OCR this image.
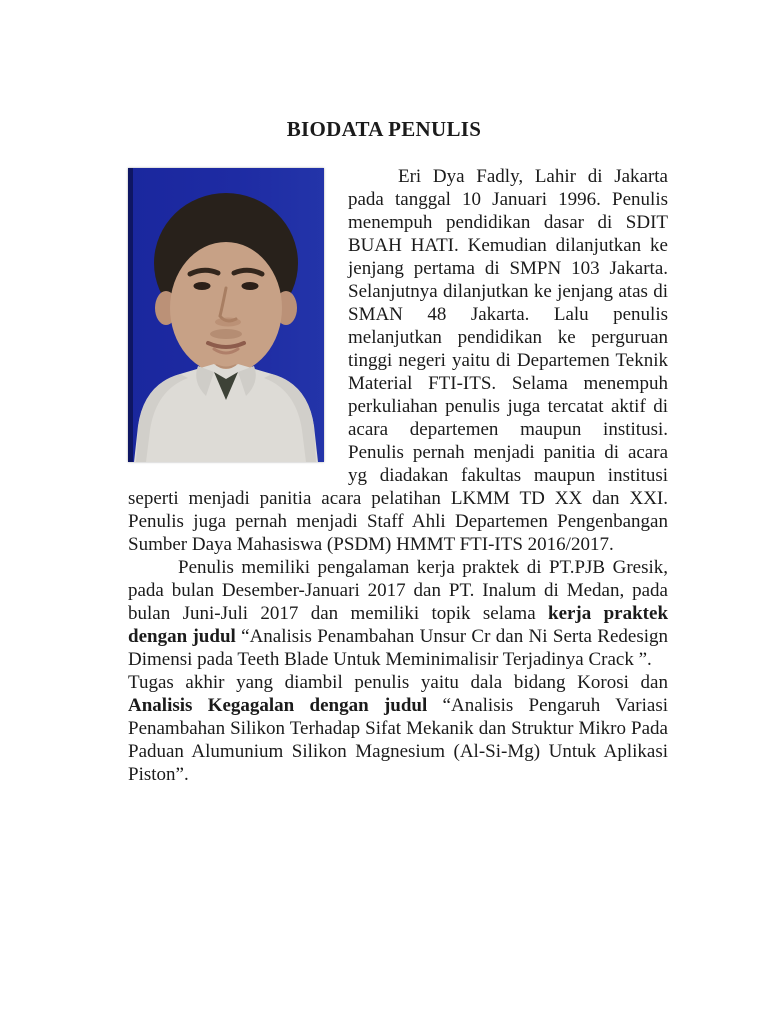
BIODATA PENULIS

Eri Dya Fadly, Lahir di Jakarta pada tanggal 10 Januari 1996. Penulis menempuh pendidikan dasar di SDIT BUAH HATI. Kemudian dilanjutkan ke jenjang pertama di SMPN 103 Jakarta. Selanjutnya dilanjutkan ke jenjang atas di SMAN 48 Jakarta. Lalu penulis melanjutkan pendidikan ke perguruan tinggi negeri yaitu di Departemen Teknik Material FTI-ITS. Selama menempuh perkuliahan penulis juga tercatat aktif di acara departemen maupun institusi. Penulis pernah menjadi panitia di acara yg diadakan fakultas maupun institusi seperti menjadi panitia acara pelatihan LKMM TD XX dan XXI. Penulis juga pernah menjadi Staff Ahli Departemen Pengenbangan Sumber Daya Mahasiswa (PSDM) HMMT FTI-ITS 2016/2017.

Penulis memiliki pengalaman kerja praktek di PT.PJB Gresik, pada bulan Desember-Januari 2017 dan PT. Inalum di Medan, pada bulan Juni-Juli 2017 dan memiliki topik selama kerja praktek dengan judul “Analisis Penambahan Unsur Cr dan Ni Serta Redesign Dimensi pada Teeth Blade Untuk Meminimalisir Terjadinya Crack ”.

Tugas akhir yang diambil penulis yaitu dala bidang Korosi dan Analisis Kegagalan dengan judul “Analisis Pengaruh Variasi Penambahan Silikon Terhadap Sifat Mekanik dan Struktur Mikro Pada Paduan Alumunium Silikon Magnesium (Al-Si-Mg) Untuk Aplikasi Piston”.
